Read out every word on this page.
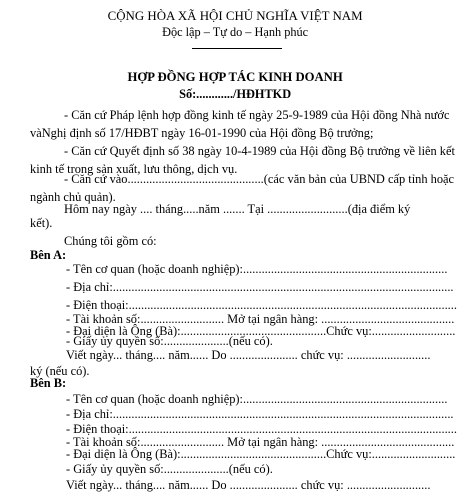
CỘNG HÒA XÃ HỘI CHỦ NGHĨA VIỆT NAM
Độc lập – Tự do – Hạnh phúc
HỢP ĐỒNG HỢP TÁC KINH DOANH
Số:............/HĐHTKD
- Căn cứ Pháp lệnh hợp đồng kinh tế ngày 25-9-1989 của Hội đồng Nhà nước
vàNghị định số 17/HĐBT ngày 16-01-1990 của Hội đồng Bộ trưởng;
- Căn cứ Quyết định số 38 ngày 10-4-1989 của Hội đồng Bộ trưởng về liên kết
kinh tế trong sản xuất, lưu thông, dịch vụ.
- Căn cứ vào............................................(các văn bản của UBND cấp tỉnh hoặc
ngành chủ quản).
Hôm nay ngày .... tháng.....năm ....... Tại ..........................(địa điểm ký
kết).
Chúng tôi gồm có:
Bên A:
- Tên cơ quan (hoặc doanh nghiệp):..................................................................
- Địa chỉ:..............................................................................................................
- Điện thoại:..........................................................................................................
- Tài khoản số:........................... Mở tại ngân hàng: ...........................................
- Đại diện là Ông (Bà):...............................................Chức vụ:...........................
- Giấy ủy quyền số:.....................(nếu có).
Viết ngày... tháng.... năm...... Do ...................... chức vụ: ...........................
ký (nếu có).
Bên B:
- Tên cơ quan (hoặc doanh nghiệp):..................................................................
- Địa chỉ:..............................................................................................................
- Điện thoại:..........................................................................................................
- Tài khoản số:........................... Mở tại ngân hàng: ...........................................
- Đại diện là Ông (Bà):...............................................Chức vụ:...........................
- Giấy ủy quyền số:.....................(nếu có).
Viết ngày... tháng.... năm...... Do ...................... chức vụ: ...........................
